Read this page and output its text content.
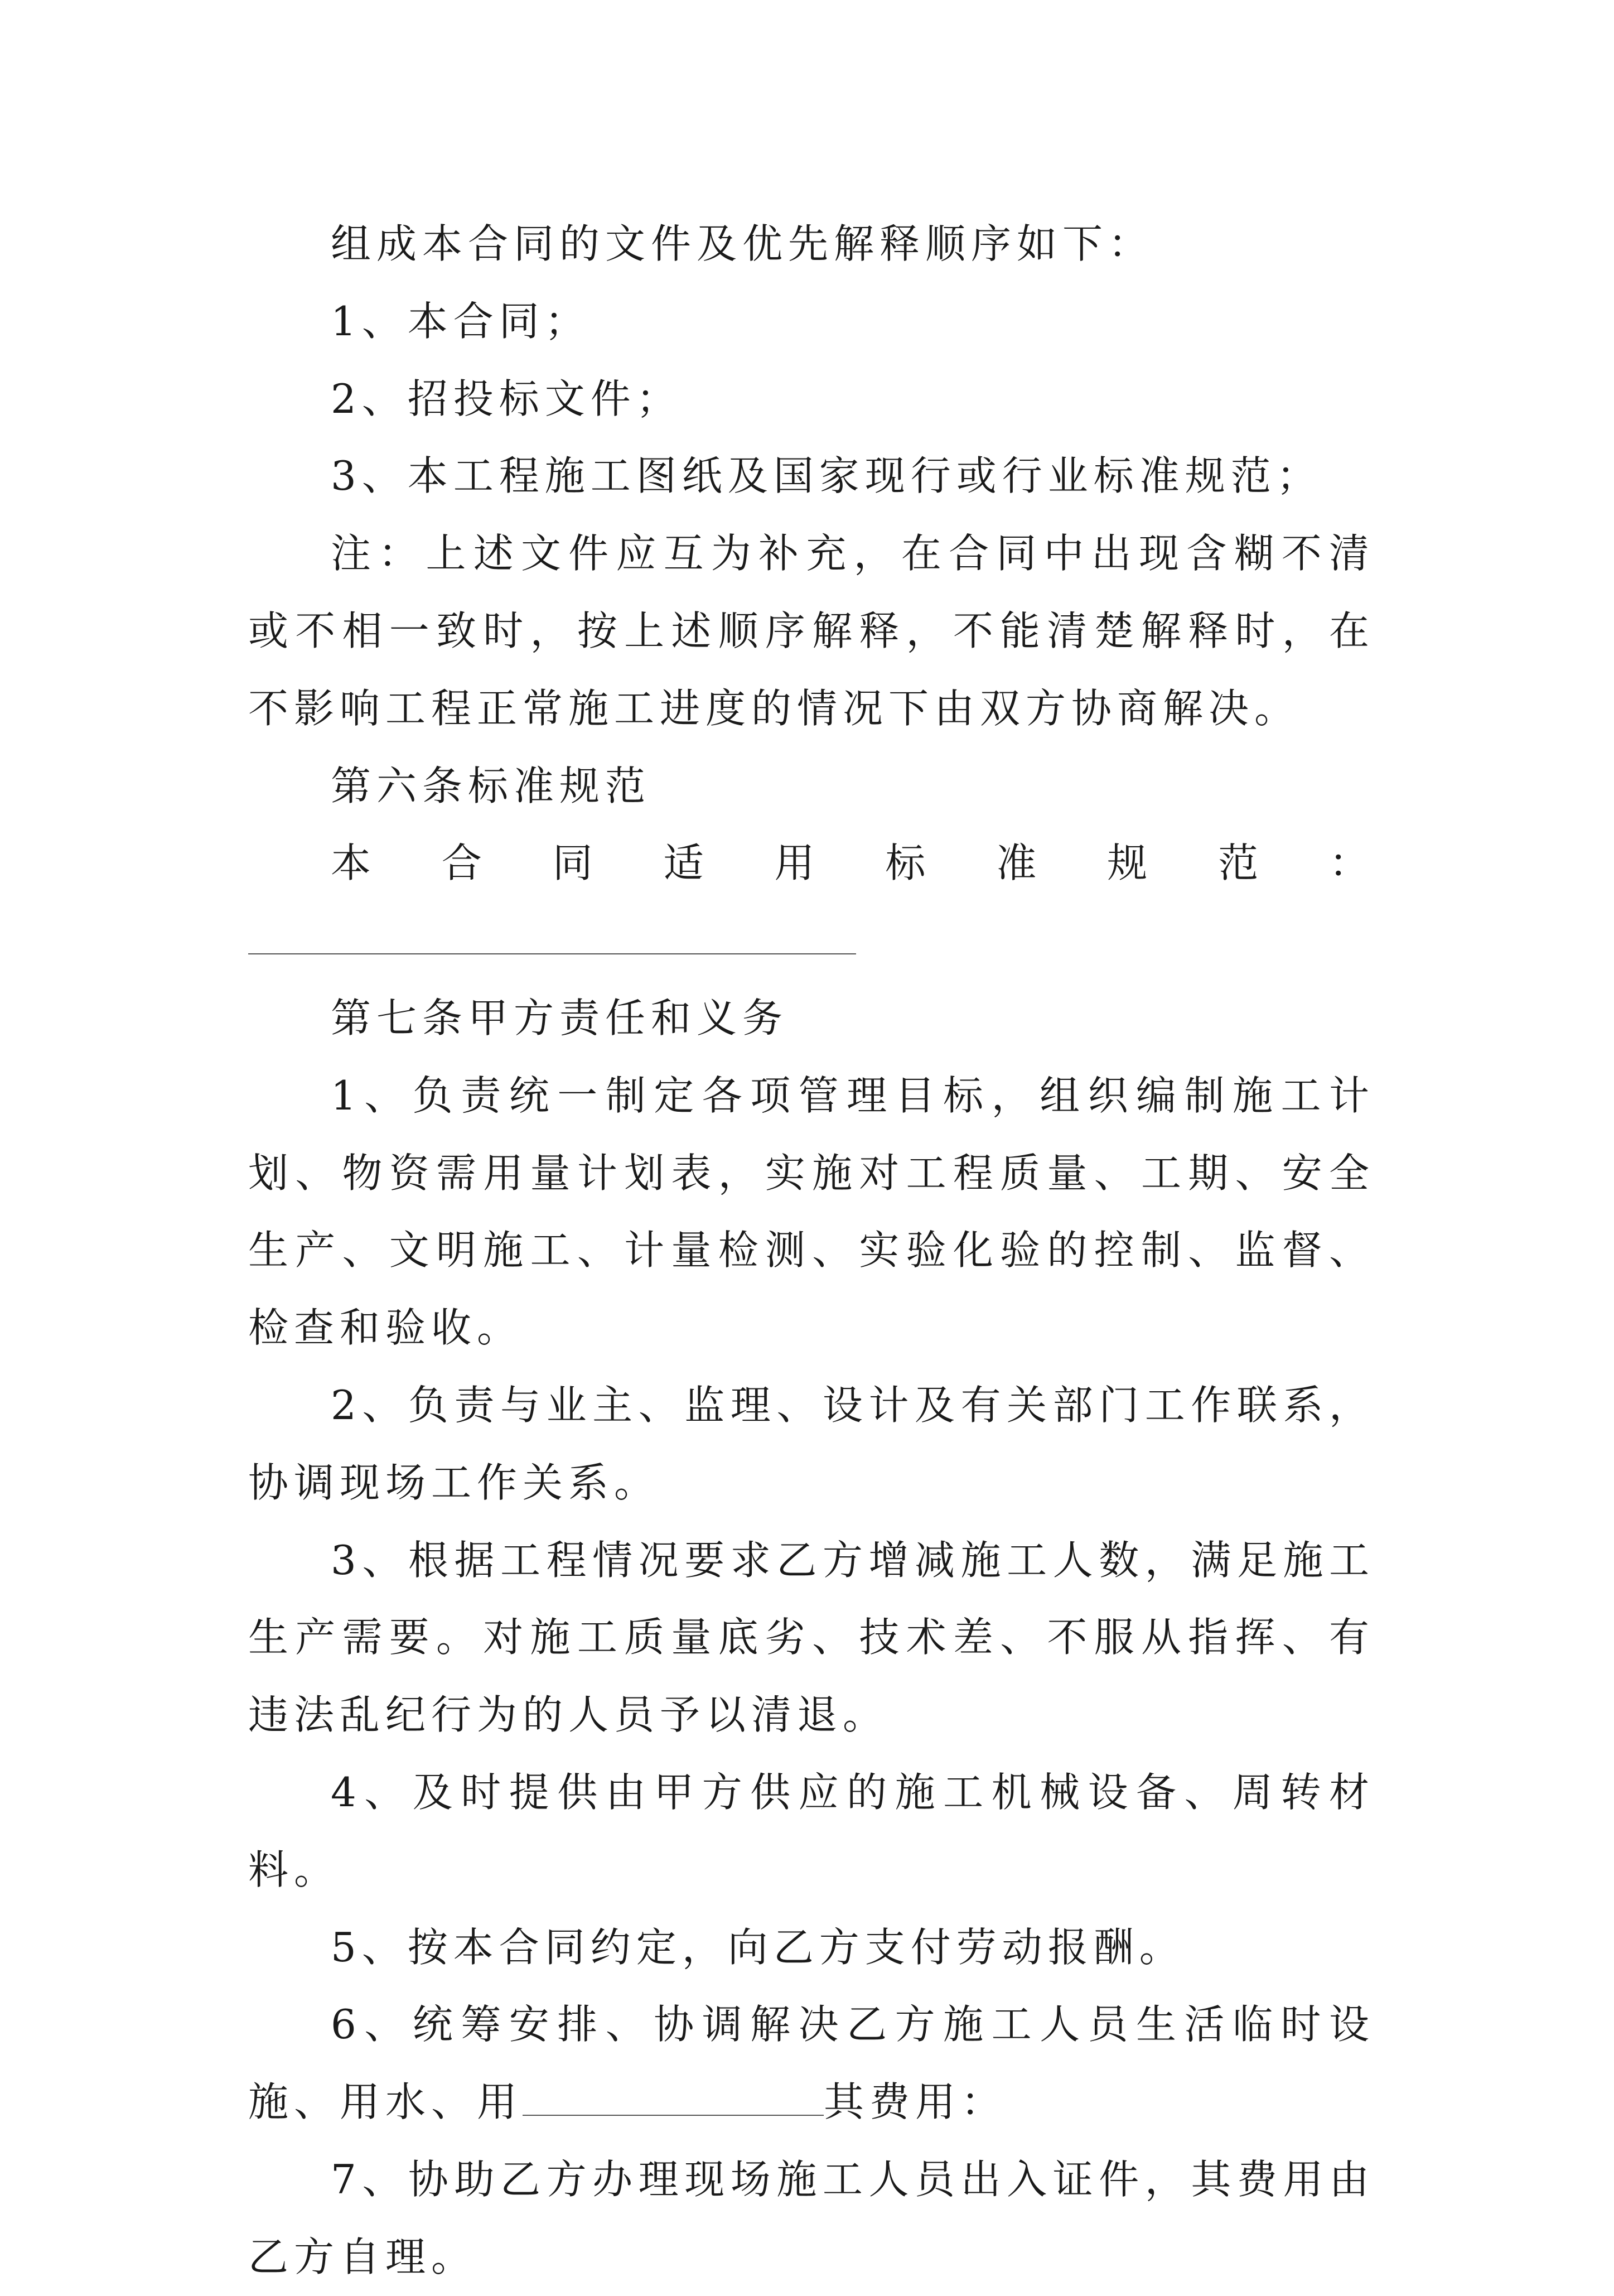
组成本合同的文件及优先解释顺序如下：

1、本合同；

2、招投标文件；

3、本工程施工图纸及国家现行或行业标准规范；

注：上述文件应互为补充，在合同中出现含糊不清或不相一致时，按上述顺序解释，不能清楚解释时，在不影响工程正常施工进度的情况下由双方协商解决。

第六条标准规范

本合同适用标准规范：

第七条甲方责任和义务

1、负责统一制定各项管理目标，组织编制施工计划、物资需用量计划表，实施对工程质量、工期、安全生产、文明施工、计量检测、实验化验的控制、监督、检查和验收。

2、负责与业主、监理、设计及有关部门工作联系，协调现场工作关系。

3、根据工程情况要求乙方增减施工人数，满足施工生产需要。对施工质量底劣、技术差、不服从指挥、有违法乱纪行为的人员予以清退。

4、及时提供由甲方供应的施工机械设备、周转材料。

5、按本合同约定，向乙方支付劳动报酬。

6、统筹安排、协调解决乙方施工人员生活临时设施、用水、用	其费用：

7、协助乙方办理现场施工人员出入证件，其费用由乙方自理。
